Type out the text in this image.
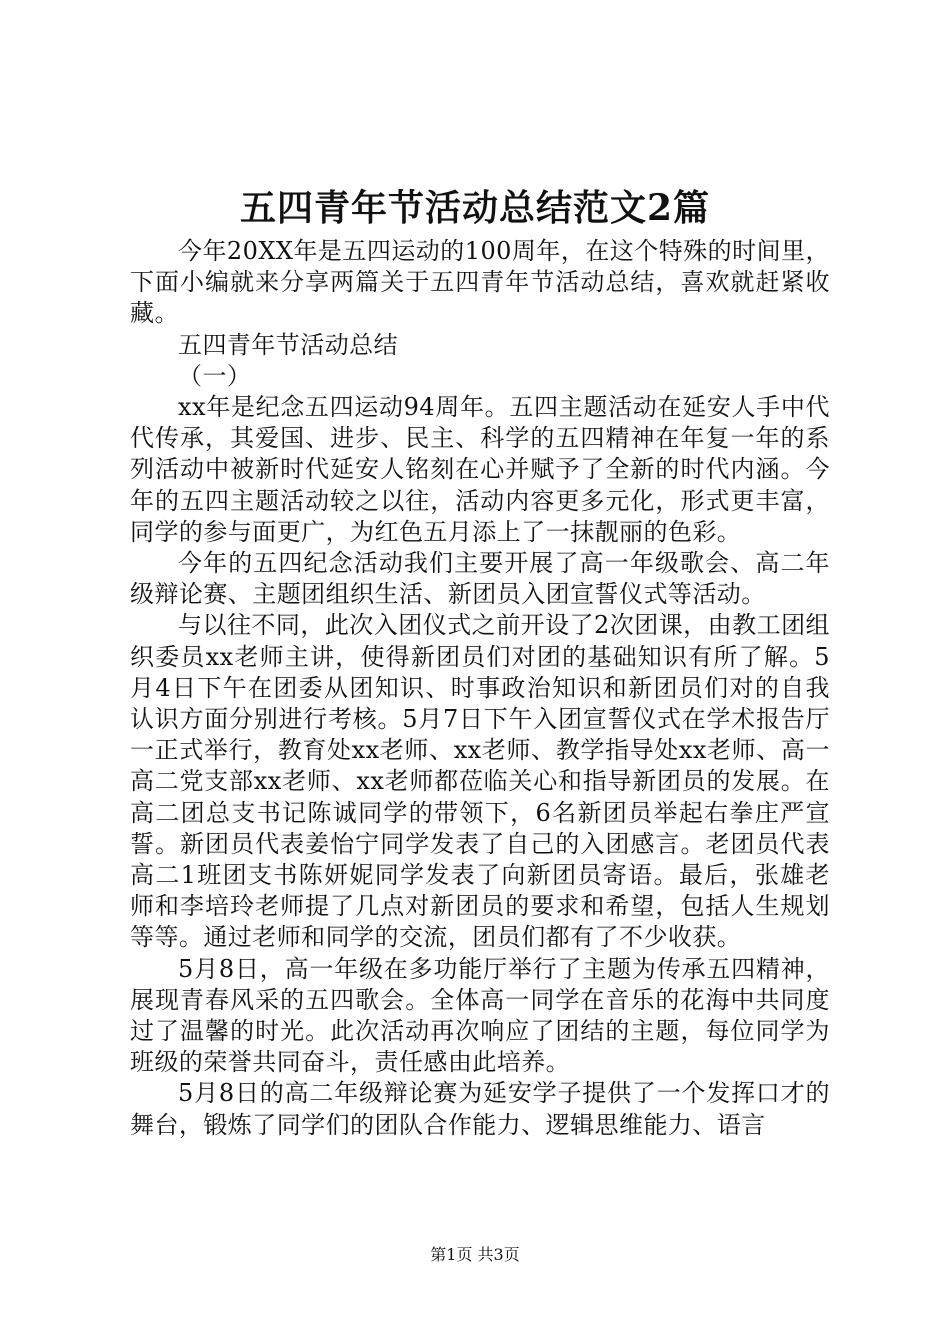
五四青年节活动总结范文2篇

今年20XX年是五四运动的100周年，在这个特殊的时间里，下面小编就来分享两篇关于五四青年节活动总结，喜欢就赶紧收藏。

五四青年节活动总结

（一）

xx年是纪念五四运动94周年。五四主题活动在延安人手中代代传承，其爱国、进步、民主、科学的五四精神在年复一年的系列活动中被新时代延安人铭刻在心并赋予了全新的时代内涵。今年的五四主题活动较之以往，活动内容更多元化，形式更丰富，同学的参与面更广，为红色五月添上了一抹靓丽的色彩。

今年的五四纪念活动我们主要开展了高一年级歌会、高二年级辩论赛、主题团组织生活、新团员入团宣誓仪式等活动。

与以往不同，此次入团仪式之前开设了2次团课，由教工团组织委员xx老师主讲，使得新团员们对团的基础知识有所了解。5月4日下午在团委从团知识、时事政治知识和新团员们对的自我认识方面分别进行考核。5月7日下午入团宣誓仪式在学术报告厅一正式举行，教育处xx老师、xx老师、教学指导处xx老师、高一高二党支部xx老师、xx老师都莅临关心和指导新团员的发展。在高二团总支书记陈诚同学的带领下，6名新团员举起右拳庄严宣誓。新团员代表姜怡宁同学发表了自己的入团感言。老团员代表高二1班团支书陈妍妮同学发表了向新团员寄语。最后，张雄老师和李培玲老师提了几点对新团员的要求和希望，包括人生规划等等。通过老师和同学的交流，团员们都有了不少收获。

5月8日，高一年级在多功能厅举行了主题为传承五四精神，展现青春风采的五四歌会。全体高一同学在音乐的花海中共同度过了温馨的时光。此次活动再次响应了团结的主题，每位同学为班级的荣誉共同奋斗，责任感由此培养。

5月8日的高二年级辩论赛为延安学子提供了一个发挥口才的舞台，锻炼了同学们的团队合作能力、逻辑思维能力、语言

第1页 共3页
